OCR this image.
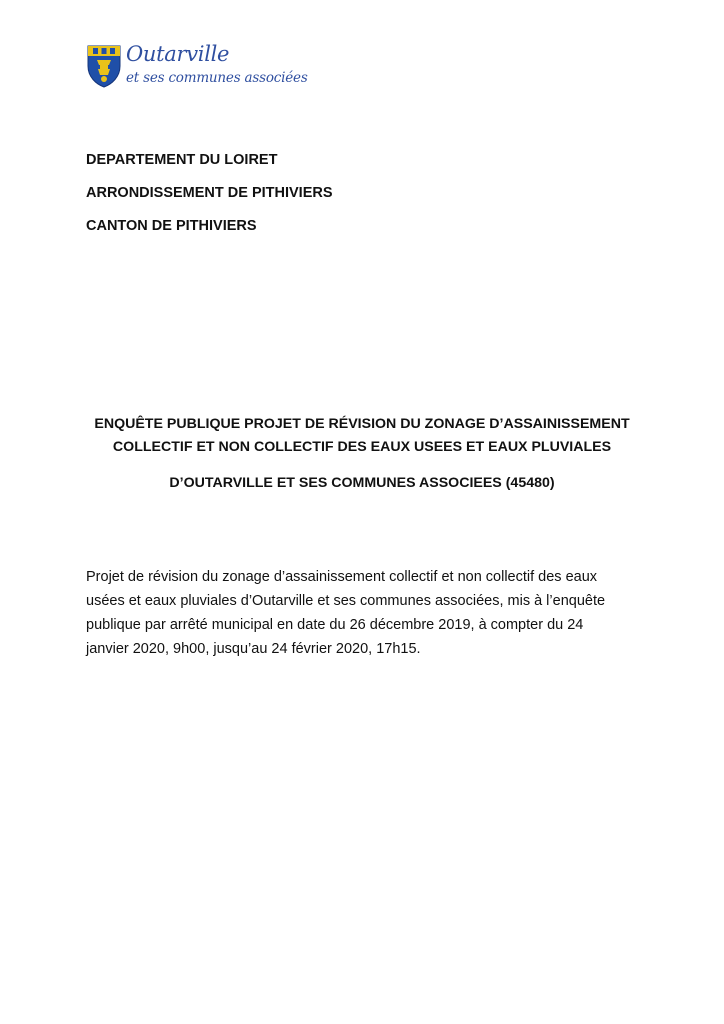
Outarville
et ses communes associées
DEPARTEMENT DU LOIRET
ARRONDISSEMENT DE PITHIVIERS
CANTON DE PITHIVIERS
ENQUÊTE PUBLIQUE PROJET DE RÉVISION DU ZONAGE D’ASSAINISSEMENT
COLLECTIF ET NON COLLECTIF DES EAUX USEES ET EAUX PLUVIALES
D’OUTARVILLE ET SES COMMUNES ASSOCIEES (45480)
Projet de révision du zonage d’assainissement collectif et non collectif des eaux
usées et eaux pluviales d’Outarville et ses communes associées, mis à l’enquête
publique par arrêté municipal en date du 26 décembre 2019, à compter du 24
janvier 2020, 9h00, jusqu’au 24 février 2020, 17h15.
